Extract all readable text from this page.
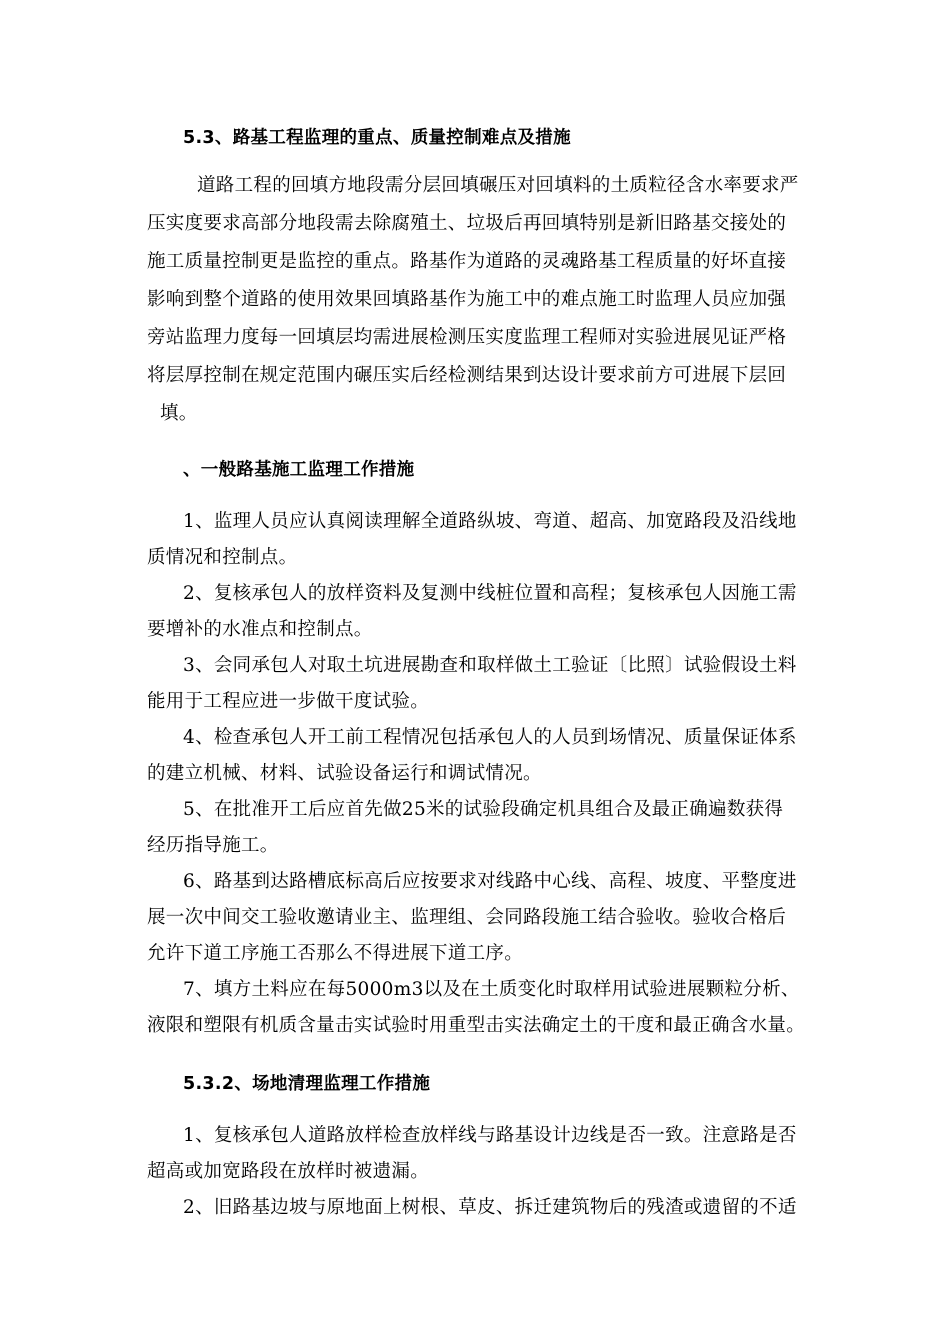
5.3、路基工程监理的重点、质量控制难点及措施
道路工程的回填方地段需分层回填碾压对回填料的土质粒径含水率要求严
压实度要求高部分地段需去除腐殖土、垃圾后再回填特别是新旧路基交接处的
施工质量控制更是监控的重点。路基作为道路的灵魂路基工程质量的好坏直接
影响到整个道路的使用效果回填路基作为施工中的难点施工时监理人员应加强
旁站监理力度每一回填层均需进展检测压实度监理工程师对实验进展见证严格
将层厚控制在规定范围内碾压实后经检测结果到达设计要求前方可进展下层回
填。
、一般路基施工监理工作措施
1、监理人员应认真阅读理解全道路纵坡、弯道、超高、加宽路段及沿线地
质情况和控制点。
2、复核承包人的放样资料及复测中线桩位置和高程；复核承包人因施工需
要增补的水准点和控制点。
3、会同承包人对取土坑进展勘查和取样做土工验证〔比照〕试验假设土料
能用于工程应进一步做干度试验。
4、检查承包人开工前工程情况包括承包人的人员到场情况、质量保证体系
的建立机械、材料、试验设备运行和调试情况。
5、在批准开工后应首先做25米的试验段确定机具组合及最正确遍数获得
经历指导施工。
6、路基到达路槽底标高后应按要求对线路中心线、高程、坡度、平整度进
展一次中间交工验收邀请业主、监理组、会同路段施工结合验收。验收合格后
允许下道工序施工否那么不得进展下道工序。
7、填方土料应在每5000m3以及在土质变化时取样用试验进展颗粒分析、
液限和塑限有机质含量击实试验时用重型击实法确定土的干度和最正确含水量。
5.3.2、场地清理监理工作措施
1、复核承包人道路放样检查放样线与路基设计边线是否一致。注意路是否
超高或加宽路段在放样时被遗漏。
2、旧路基边坡与原地面上树根、草皮、拆迁建筑物后的残渣或遗留的不适
